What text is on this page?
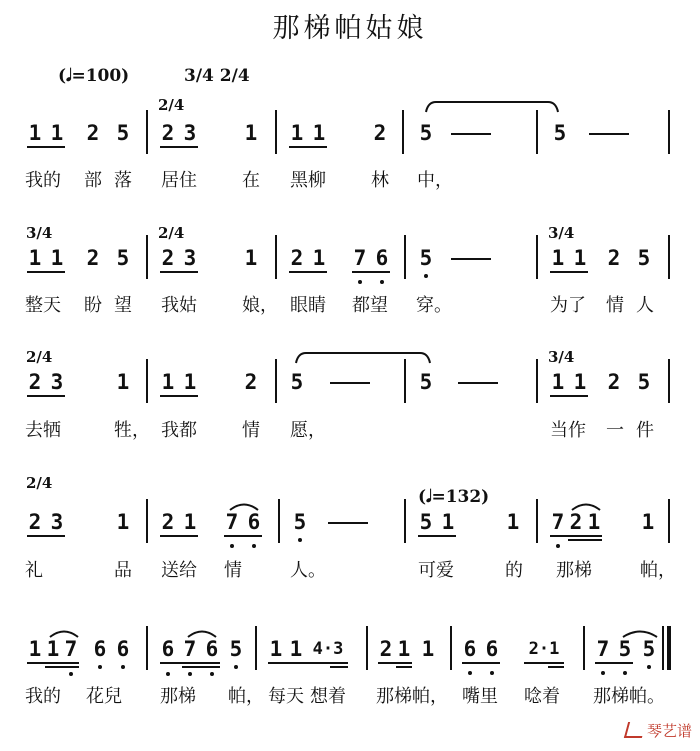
那梯帕姑娘
(𝅘𝅥=100)	3/4 2/4
2/4
1 1 2 5 2 3 1 1 1 2 5	5
我的 部 落 居住	在 黑柳	林 中，
3/4	2/4	3/4
1 1 2 5 2 3 1 2 1 7 6 5	1 1 2 5
整天 盼 望 我姑	娘， 眼睛 都望 穿。	为了 情 人
2/4	3/4
2 3	1 1 1 2 5	5	1 1 2 5
去牺	牲， 我都	情 愿，	当作 一 件
2/4
(𝅘𝅥=132)
2 3	1 2 1 7 6 5	5 1 1 7 2 1 1
礼	品 送给 情	人。	可爱	的 那梯	帕，
1 1 7 6 6 6 7 6 5 1 1 4·3 2 1 1 6 6 2·1 7 5 5
我的 花兒 那梯 帕， 每天 想着 那梯帕， 嘴里 唸着 那梯帕。
琴艺谱
